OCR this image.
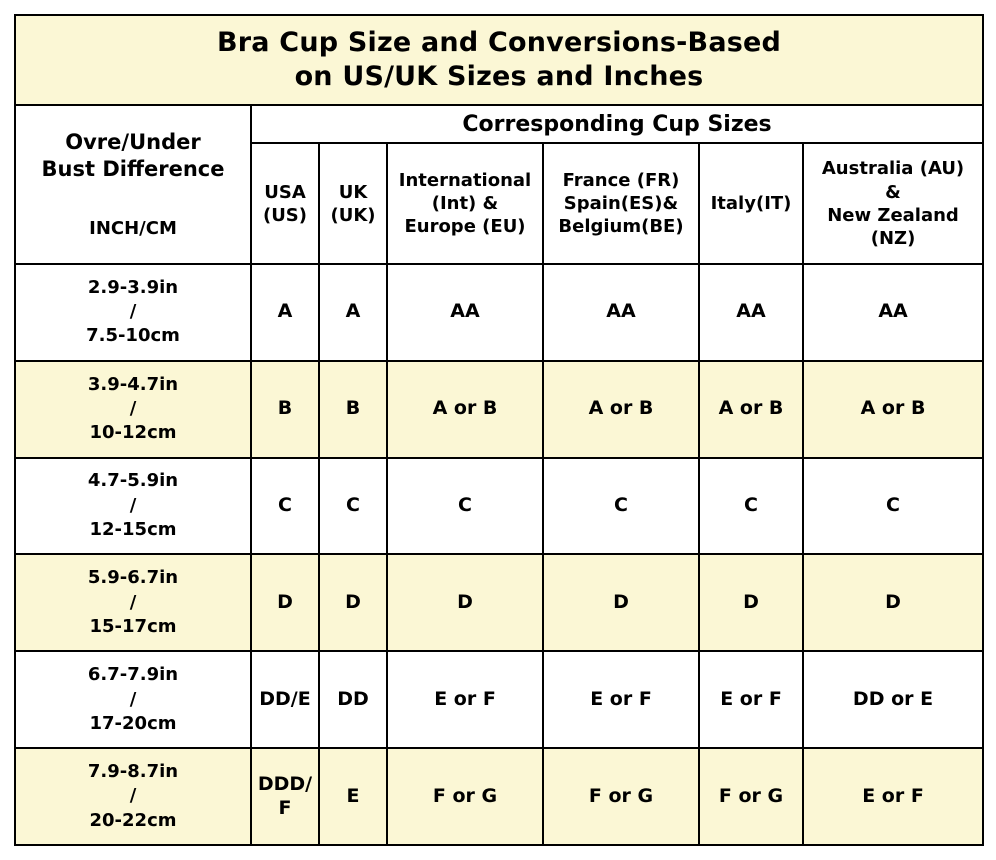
Bra Cup Size and Conversions-Based
on US/UK Sizes and Inches						

Ovre/Under
Bust Difference
INCH/CM	Corresponding Cup Sizes					

	USA
(US)	UK
(UK)	International
(Int) &
Europe (EU)	France (FR)
Spain(ES)&
Belgium(BE)	Italy(IT)	Australia (AU)
&
New Zealand
(NZ)

2.9-3.9in
/
7.5-10cm	A	A	AA	AA	AA	AA

3.9-4.7in
/
10-12cm	B	B	A or B	A or B	A or B	A or B

4.7-5.9in
/
12-15cm	C	C	C	C	C	C

5.9-6.7in
/
15-17cm	D	D	D	D	D	D

6.7-7.9in
/
17-20cm	DD/E	DD	E or F	E or F	E or F	DD or E

7.9-8.7in
/
20-22cm	DDD/
F	E	F or G	F or G	F or G	E or F
